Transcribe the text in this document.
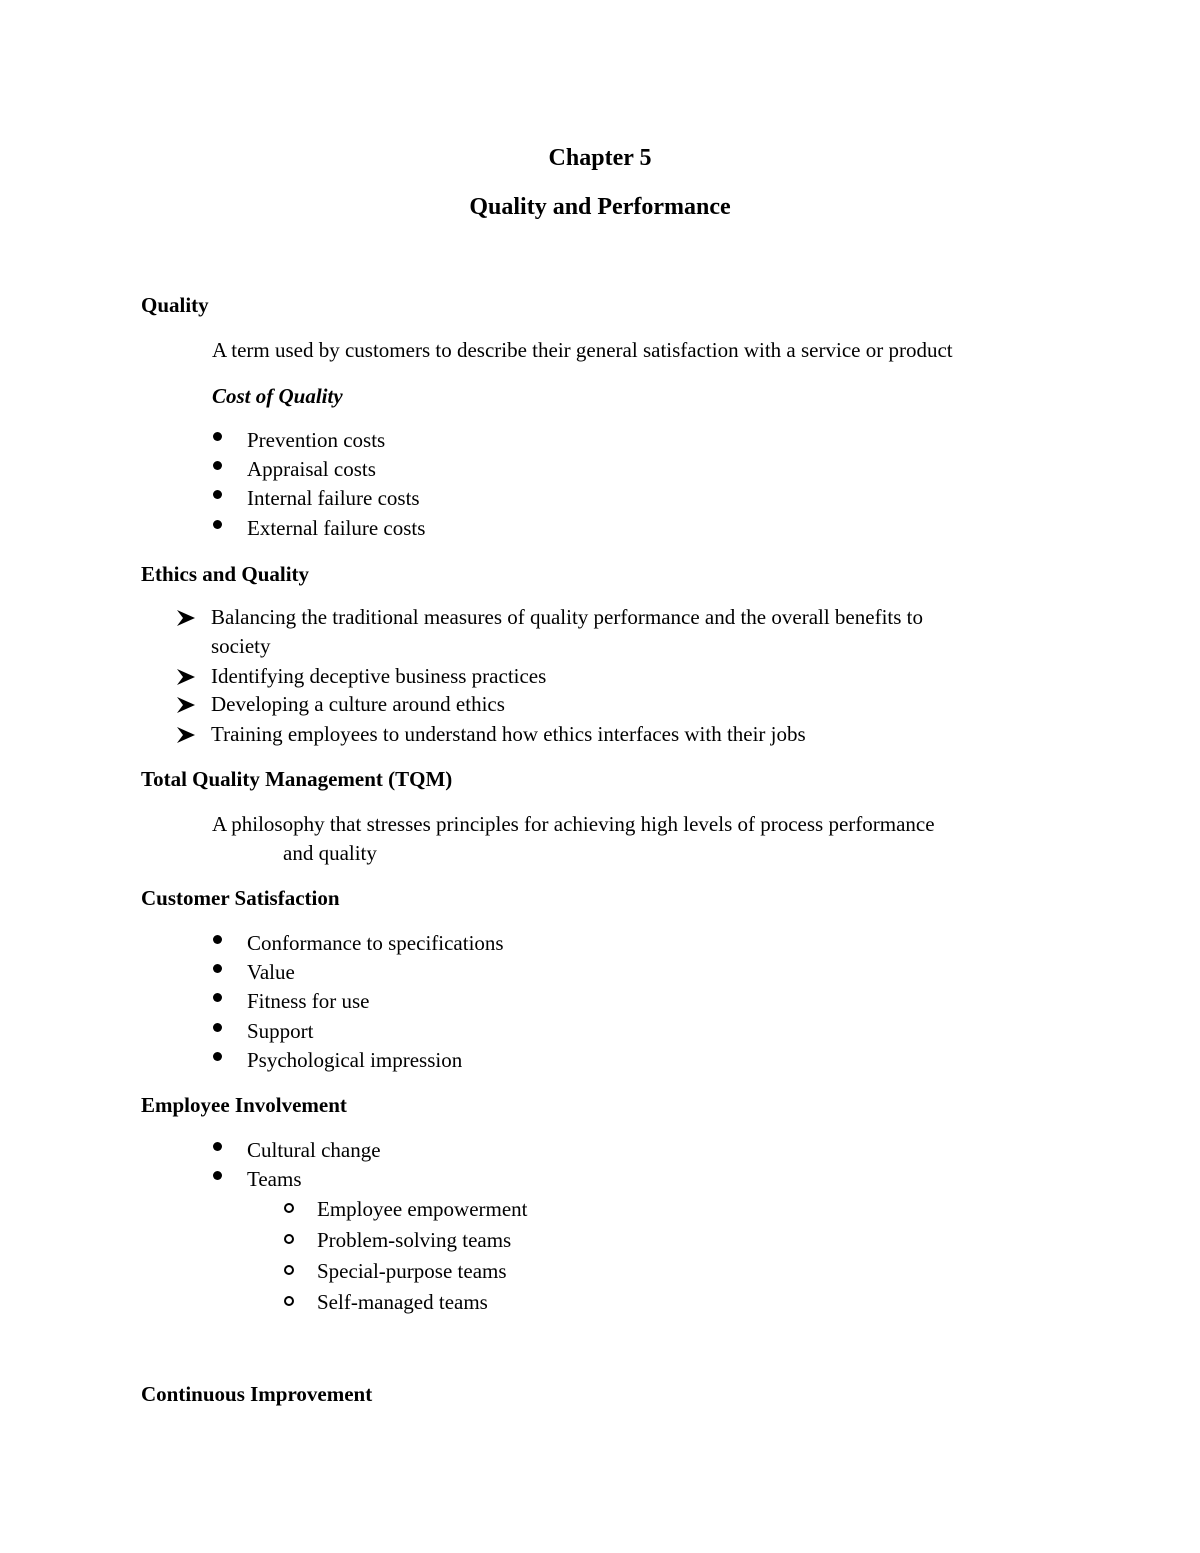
Chapter 5
Quality and Performance
Quality
A term used by customers to describe their general satisfaction with a service or product
Cost of Quality
Prevention costs
Appraisal costs
Internal failure costs
External failure costs
Ethics and Quality
Balancing the traditional measures of quality performance and the overall benefits to
society
Identifying deceptive business practices
Developing a culture around ethics
Training employees to understand how ethics interfaces with their jobs
Total Quality Management (TQM)
A philosophy that stresses principles for achieving high levels of process performance
and quality
Customer Satisfaction
Conformance to specifications
Value
Fitness for use
Support
Psychological impression
Employee Involvement
Cultural change
Teams
Employee empowerment
Problem-solving teams
Special-purpose teams
Self-managed teams
Continuous Improvement
